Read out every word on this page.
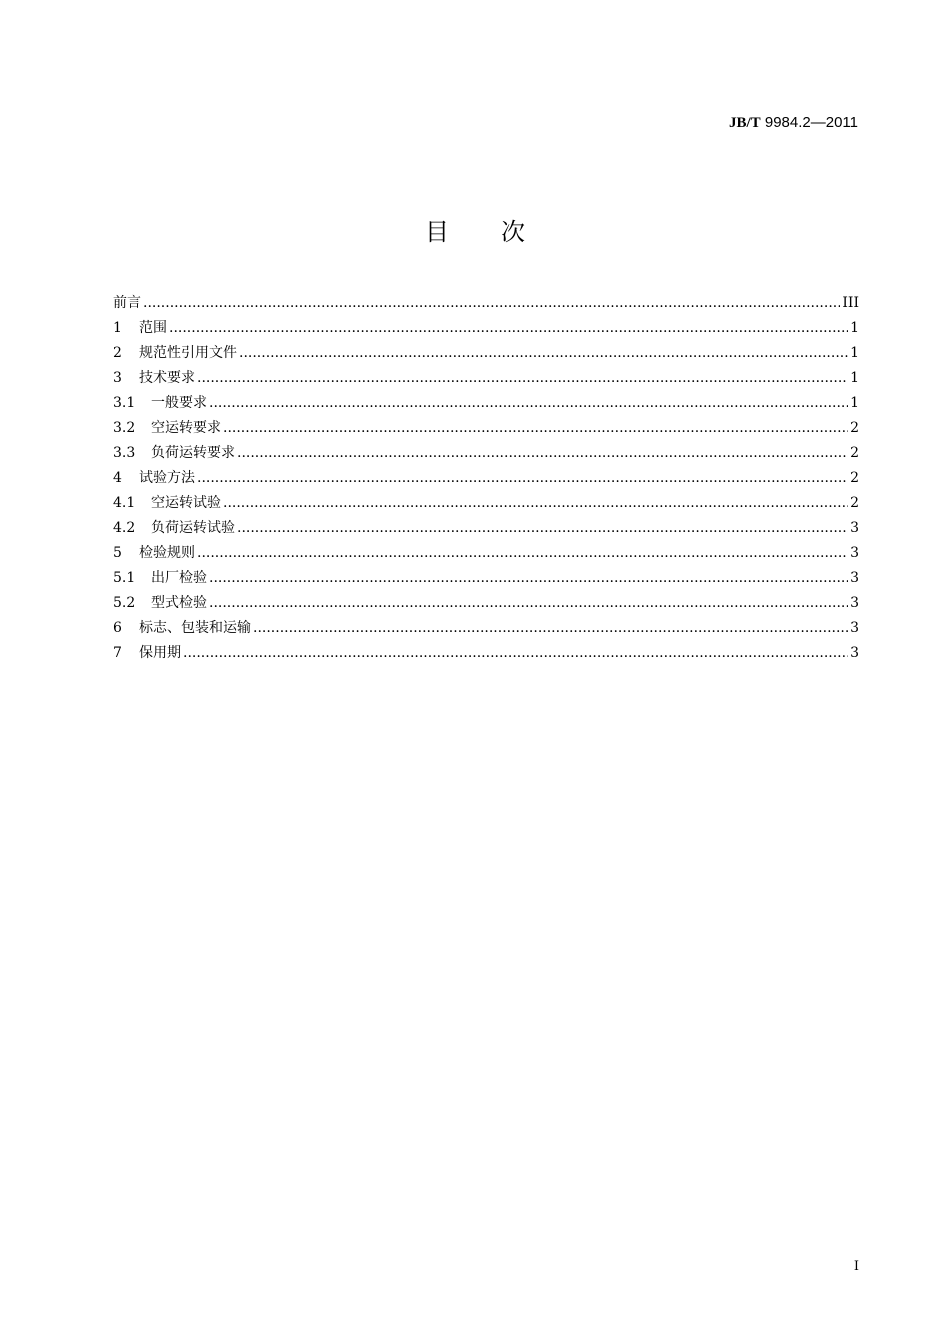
JB/T 9984.2—2011
目 次
前言 .....	III
1	范围 .....	1
2	规范性引用文件 .....	1
3	技术要求 .....	1
3.1	一般要求 .....	1
3.2	空运转要求 .....	2
3.3	负荷运转要求 .....	2
4	试验方法 .....	2
4.1	空运转试验 .....	2
4.2	负荷运转试验 .....	3
5	检验规则 .....	3
5.1	出厂检验 .....	3
5.2	型式检验 .....	3
6	标志、包装和运输 .....	3
7	保用期 .....	3
I
